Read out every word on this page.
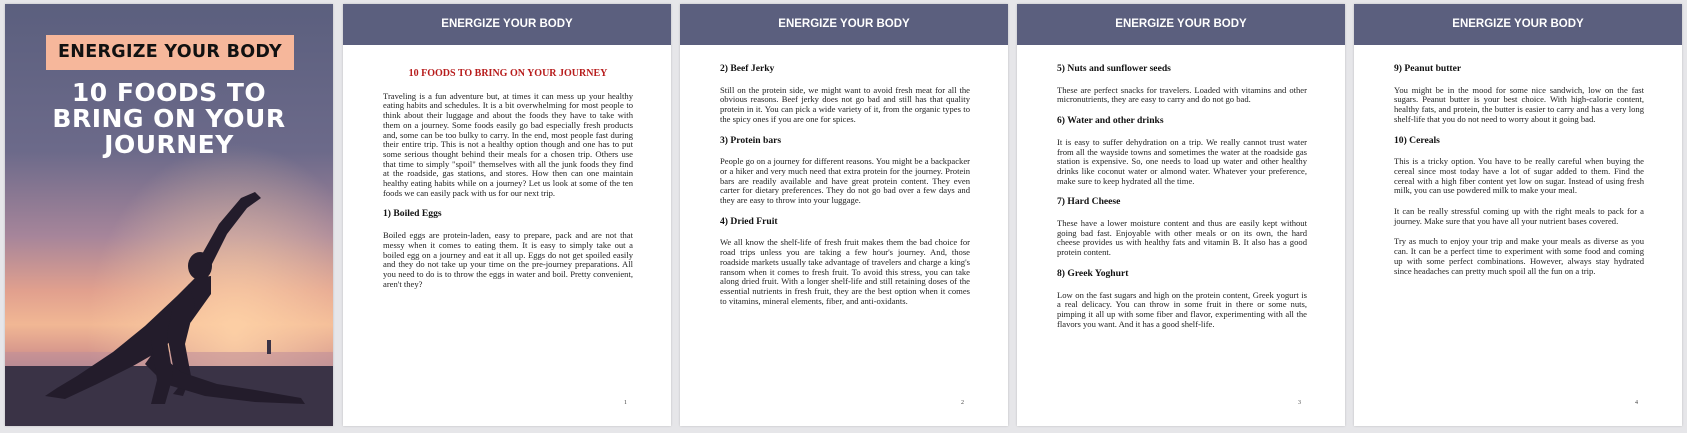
ENERGIZE YOUR BODY
10 FOODS TO
BRING ON YOUR
JOURNEY
ENERGIZE YOUR BODY
10 FOODS TO BRING ON YOUR JOURNEY

Traveling is a fun adventure but, at times it can mess up your healthy eating habits and schedules. It is a bit overwhelming for most people to think about their luggage and about the foods they have to take with them on a journey. Some foods easily go bad especially fresh products and, some can be too bulky to carry. In the end, most people fast during their entire trip. This is not a healthy option though and one has to put some serious thought behind their meals for a chosen trip. Others use that time to simply "spoil" themselves with all the junk foods they find at the roadside, gas stations, and stores. How then can one maintain healthy eating habits while on a journey? Let us look at some of the ten foods we can easily pack with us for our next trip.

1) Boiled Eggs

Boiled eggs are protein-laden, easy to prepare, pack and are not that messy when it comes to eating them. It is easy to simply take out a boiled egg on a journey and eat it all up. Eggs do not get spoiled easily and they do not take up your time on the pre-journey preparations. All you need to do is to throw the eggs in water and boil. Pretty convenient, aren't they?

1
ENERGIZE YOUR BODY
2) Beef Jerky

Still on the protein side, we might want to avoid fresh meat for all the obvious reasons. Beef jerky does not go bad and still has that quality protein in it. You can pick a wide variety of it, from the organic types to the spicy ones if you are one for spices.

3) Protein bars

People go on a journey for different reasons. You might be a backpacker or a hiker and very much need that extra protein for the journey. Protein bars are readily available and have great protein content. They even carter for dietary preferences. They do not go bad over a few days and they are easy to throw into your luggage.

4) Dried Fruit

We all know the shelf-life of fresh fruit makes them the bad choice for road trips unless you are taking a few hour's journey. And, those roadside markets usually take advantage of travelers and charge a king's ransom when it comes to fresh fruit. To avoid this stress, you can take along dried fruit. With a longer shelf-life and still retaining doses of the essential nutrients in fresh fruit, they are the best option when it comes to vitamins, mineral elements, fiber, and anti-oxidants.

2
ENERGIZE YOUR BODY
5) Nuts and sunflower seeds

These are perfect snacks for travelers. Loaded with vitamins and other micronutrients, they are easy to carry and do not go bad.

6) Water and other drinks

It is easy to suffer dehydration on a trip. We really cannot trust water from all the wayside towns and sometimes the water at the roadside gas station is expensive. So, one needs to load up water and other healthy drinks like coconut water or almond water. Whatever your preference, make sure to keep hydrated all the time.

7) Hard Cheese

These have a lower moisture content and thus are easily kept without going bad fast. Enjoyable with other meals or on its own, the hard cheese provides us with healthy fats and vitamin B. It also has a good protein content.

8) Greek Yoghurt

Low on the fast sugars and high on the protein content, Greek yogurt is a real delicacy. You can throw in some fruit in there or some nuts, pimping it all up with some fiber and flavor, experimenting with all the flavors you want. And it has a good shelf-life.

3
ENERGIZE YOUR BODY
9) Peanut butter

You might be in the mood for some nice sandwich, low on the fast sugars. Peanut butter is your best choice. With high-calorie content, healthy fats, and protein, the butter is easier to carry and has a very long shelf-life that you do not need to worry about it going bad.

10) Cereals

This is a tricky option. You have to be really careful when buying the cereal since most today have a lot of sugar added to them. Find the cereal with a high fiber content yet low on sugar. Instead of using fresh milk, you can use powdered milk to make your meal.

It can be really stressful coming up with the right meals to pack for a journey. Make sure that you have all your nutrient bases covered.

Try as much to enjoy your trip and make your meals as diverse as you can. It can be a perfect time to experiment with some food and coming up with some perfect combinations. However, always stay hydrated since headaches can pretty much spoil all the fun on a trip.

4
